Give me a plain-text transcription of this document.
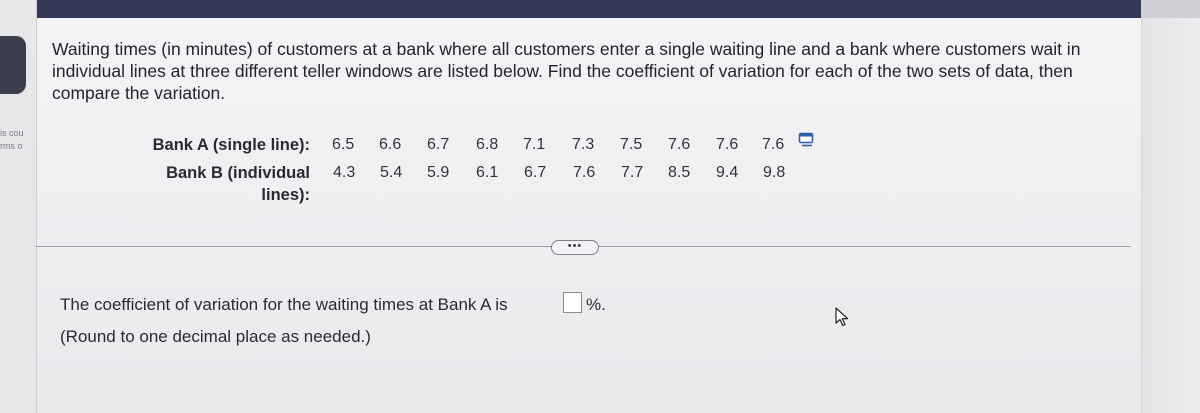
is cou
rms o
Waiting times (in minutes) of customers at a bank where all customers enter a single waiting line and a bank where customers wait in individual lines at three different teller windows are listed below. Find the coefficient of variation for each of the two sets of data, then compare the variation.
Bank A (single line): 6.5 6.6 6.7 6.8 7.1 7.3 7.5 7.6 7.6 7.6
Bank B (individual
lines):
4.3 5.4 5.9 6.1 6.7 7.6 7.7 8.5 9.4 9.8
•••
The coefficient of variation for the waiting times at Bank A is	%.
(Round to one decimal place as needed.)
